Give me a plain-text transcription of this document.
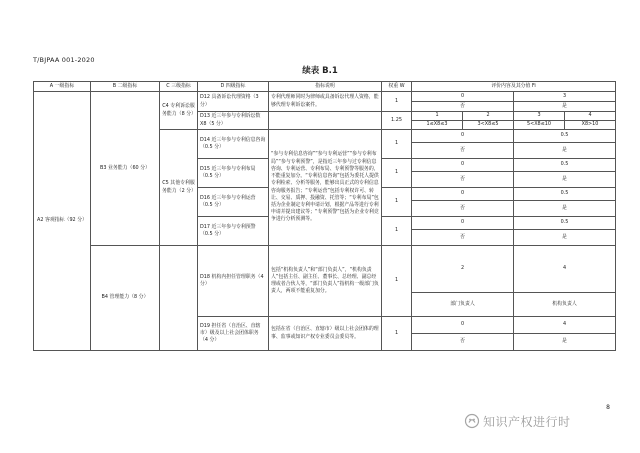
T/BJPAA 001-2020
续表 B.1
A 一级指标	B 二级指标	C 三级指标	D 四级指标	指标说明	权重 W	评价内容及其分值 Fi			
A2 客观指标（92 分）	B3 业务能力（60 分）	C4 专利诉讼服务能力（8 分）	D12 具备诉讼代理资格（3 分）	专利代理师同时为律师或具备诉讼代理人资格，能够代理专利诉讼案件。	1	0		3	
						否		是	
			D13 近三年参与专利诉讼数 X8（5 分）		1.25	1	2	3	4
						1≤X8≤3	3<X8≤5	5<X8≤10	X8>10
		C5 其他专利服务能力（2 分）	D14 近三年参与专利信息咨询（0.5 分）	“参与专利信息咨询”“参与专利运营”“参与专利布局”“参与专利预警”，是指近三年参与过专利信息咨询、专利运营、专利布局、专利预警等服务的，不能重复加分。“专利信息咨询”包括为委托人提供专利检索、分析等服务，能够出具正式的专利信息咨询服务报告；“专利运营”包括专利权许可、转让、交易、质押、投融资、托管等；“专利布局”包括为企业制定专利申请计划，根据产品等进行专利申请并提出建议等；“专利预警”包括为企业专利竞争进行分析预测等。	1	0		0.5	
						否		是	

			D15 近三年参与专利布局（0.5 分）		1	0		0.5	
						否		是	

			D16 近三年参与专利运营（0.5 分）		1	0		0.5	
						否		是	

			D17 近三年参与专利预警（0.5 分）		1	0		0.5	
						否		是	

	B4 管理能力（8 分）		D18 机构内担任管理职务（4 分）	包括“机构负责人”和“部门负责人”，“机构负责人”包括主任、副主任、董事长、总经理、副总经理或者合伙人等，“部门负责人”指机构一级部门负责人，两项不能重复加分。	1	2		4	

						部门负责人		机构负责人	

			D19 担任省（自治区、直辖市）级及以上社会团体职务（4 分）	包括在省（自治区、直辖市）级以上社会团体的理事、监事或知识产权专业委员会委员等。	1	0		4	
						否		是	
8
知识产权进行时
